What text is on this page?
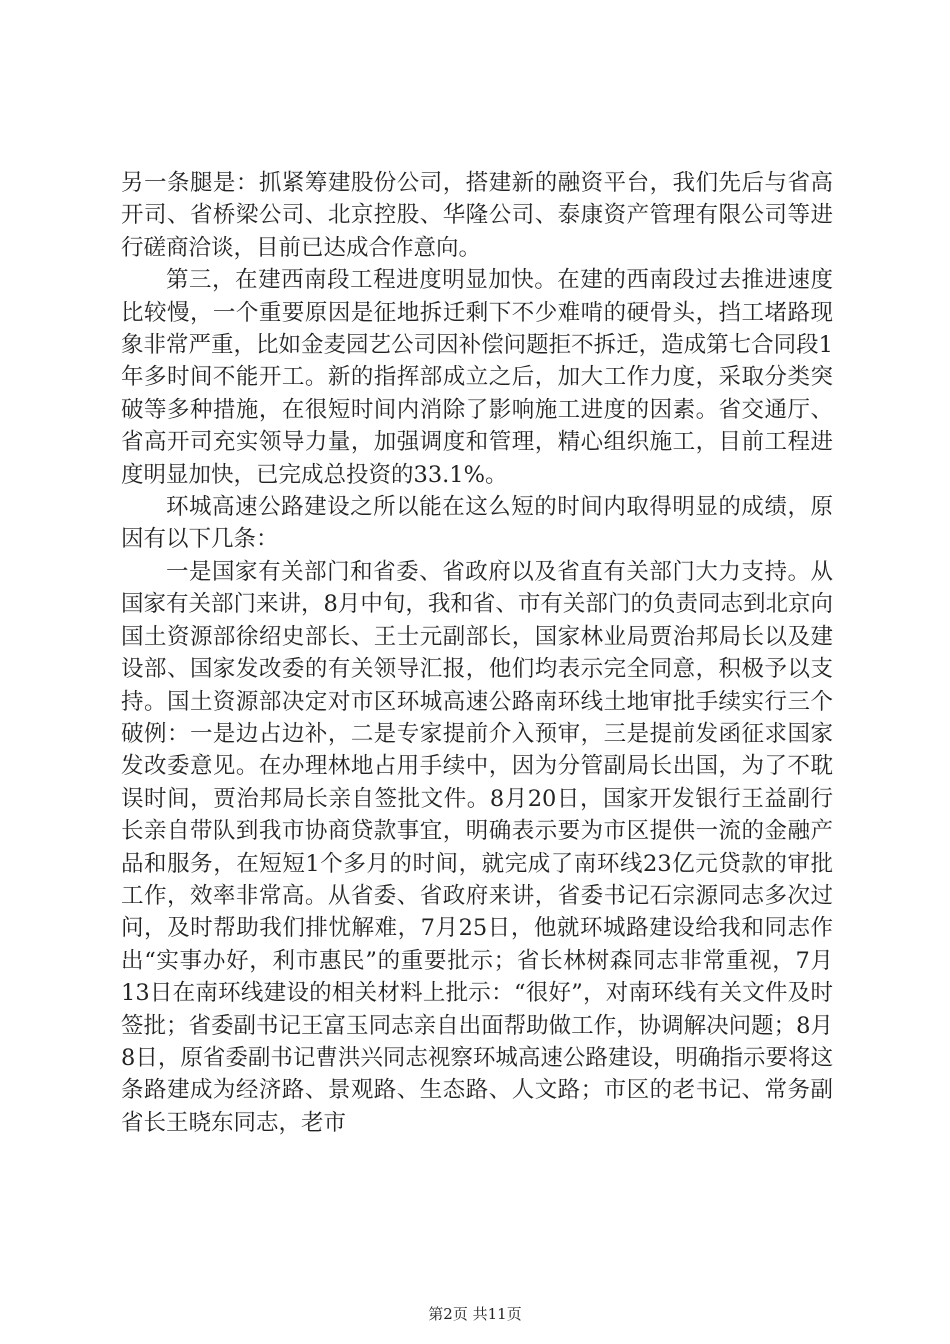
另一条腿是：抓紧筹建股份公司，搭建新的融资平台，我们先后与省高开司、省桥梁公司、北京控股、华隆公司、泰康资产管理有限公司等进行磋商洽谈，目前已达成合作意向。

第三，在建西南段工程进度明显加快。在建的西南段过去推进速度比较慢，一个重要原因是征地拆迁剩下不少难啃的硬骨头，挡工堵路现象非常严重，比如金麦园艺公司因补偿问题拒不拆迁，造成第七合同段1年多时间不能开工。新的指挥部成立之后，加大工作力度，采取分类突破等多种措施，在很短时间内消除了影响施工进度的因素。省交通厅、省高开司充实领导力量，加强调度和管理，精心组织施工，目前工程进度明显加快，已完成总投资的33.1%。

环城高速公路建设之所以能在这么短的时间内取得明显的成绩，原因有以下几条：

一是国家有关部门和省委、省政府以及省直有关部门大力支持。从国家有关部门来讲，8月中旬，我和省、市有关部门的负责同志到北京向国土资源部徐绍史部长、王士元副部长，国家林业局贾治邦局长以及建设部、国家发改委的有关领导汇报，他们均表示完全同意，积极予以支持。国土资源部决定对市区环城高速公路南环线土地审批手续实行三个破例：一是边占边补，二是专家提前介入预审，三是提前发函征求国家发改委意见。在办理林地占用手续中，因为分管副局长出国，为了不耽误时间，贾治邦局长亲自签批文件。8月20日，国家开发银行王益副行长亲自带队到我市协商贷款事宜，明确表示要为市区提供一流的金融产品和服务，在短短1个多月的时间，就完成了南环线23亿元贷款的审批工作，效率非常高。从省委、省政府来讲，省委书记石宗源同志多次过问，及时帮助我们排忧解难，7月25日，他就环城路建设给我和同志作出“实事办好，利市惠民”的重要批示；省长林树森同志非常重视，7月13日在南环线建设的相关材料上批示：“很好”，对南环线有关文件及时签批；省委副书记王富玉同志亲自出面帮助做工作，协调解决问题；8月8日，原省委副书记曹洪兴同志视察环城高速公路建设，明确指示要将这条路建成为经济路、景观路、生态路、人文路；市区的老书记、常务副省长王晓东同志，老市

第2页 共11页
